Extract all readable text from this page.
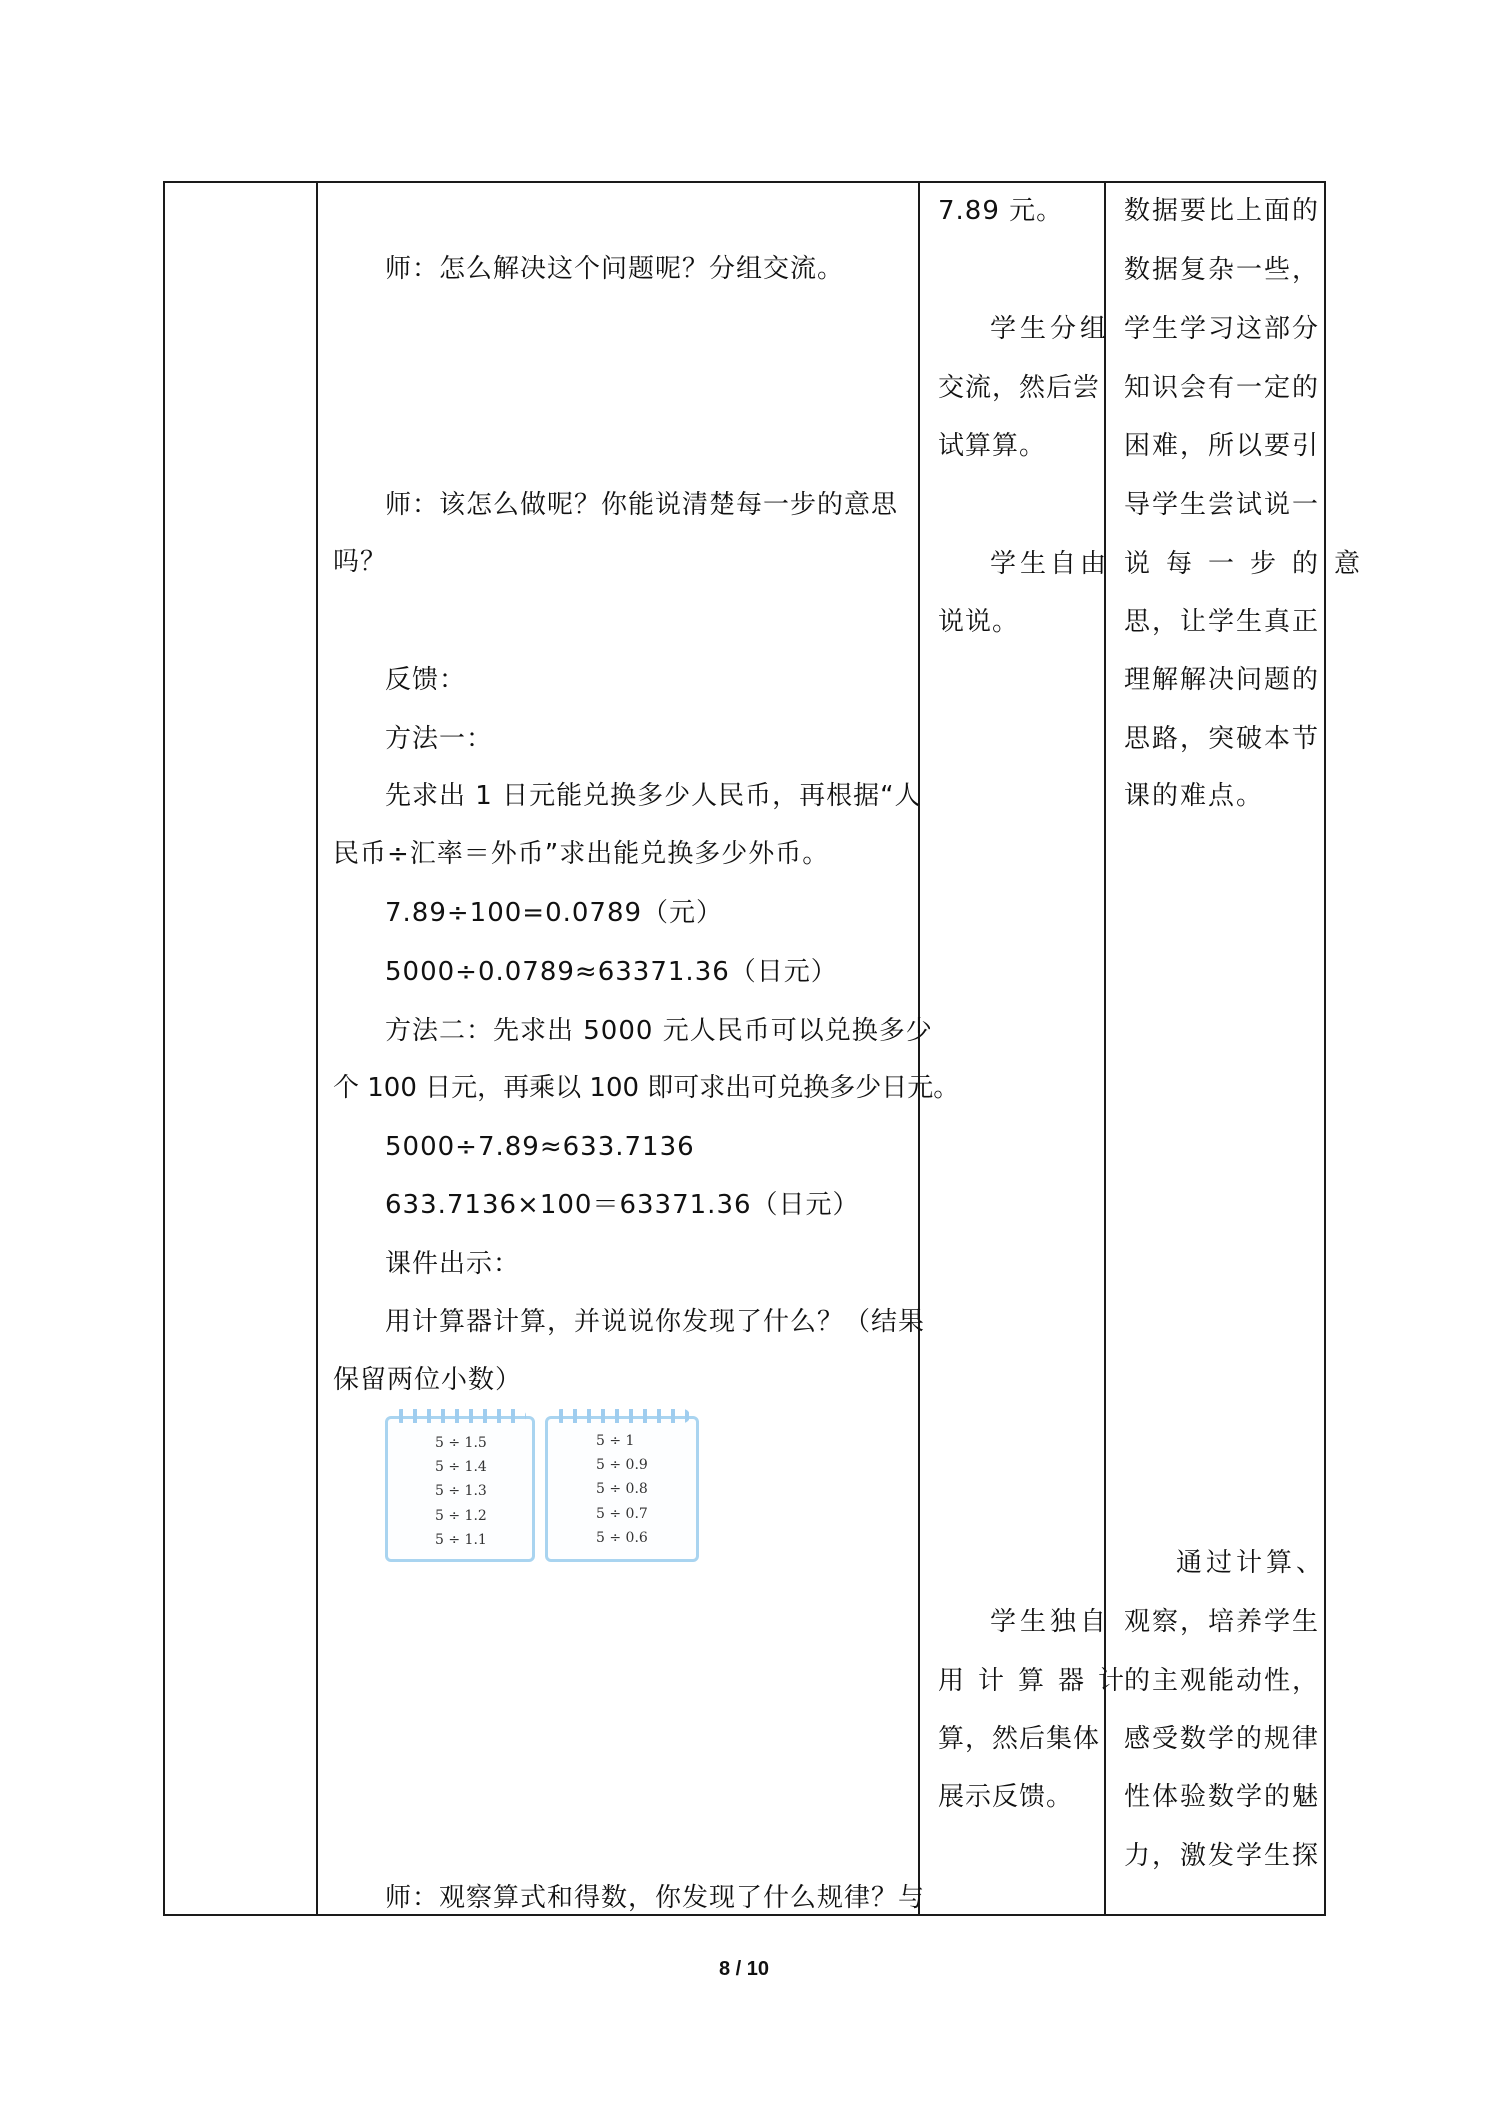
师：怎么解决这个问题呢？分组交流。
师：该怎么做呢？你能说清楚每一步的意思
吗？
反馈：
方法一：
先求出 1 日元能兑换多少人民币，再根据“人
民币÷汇率＝外币”求出能兑换多少外币。
7.89÷100=0.0789（元）
5000÷0.0789≈63371.36（日元）
方法二：先求出 5000 元人民币可以兑换多少
个 100 日元，再乘以 100 即可求出可兑换多少日元。
5000÷7.89≈633.7136
633.7136×100＝63371.36（日元）
课件出示：
用计算器计算，并说说你发现了什么？（结果
保留两位小数）
师：观察算式和得数，你发现了什么规律？与
5 ÷ 1.5
5 ÷ 1.4
5 ÷ 1.3
5 ÷ 1.2
5 ÷ 1.1
5 ÷ 1
5 ÷ 0.9
5 ÷ 0.8
5 ÷ 0.7
5 ÷ 0.6
7.89 元。
学生分组
交流，然后尝
试算算。
学生自由
说说。
学生独自
用计算器计
算，然后集体
展示反馈。
数据要比上面的
数据复杂一些，
学生学习这部分
知识会有一定的
困难，所以要引
导学生尝试说一
说每一步的意
思，让学生真正
理解解决问题的
思路，突破本节
课的难点。
通过计算、
观察，培养学生
的主观能动性，
感受数学的规律
性体验数学的魅
力，激发学生探
8 / 10
